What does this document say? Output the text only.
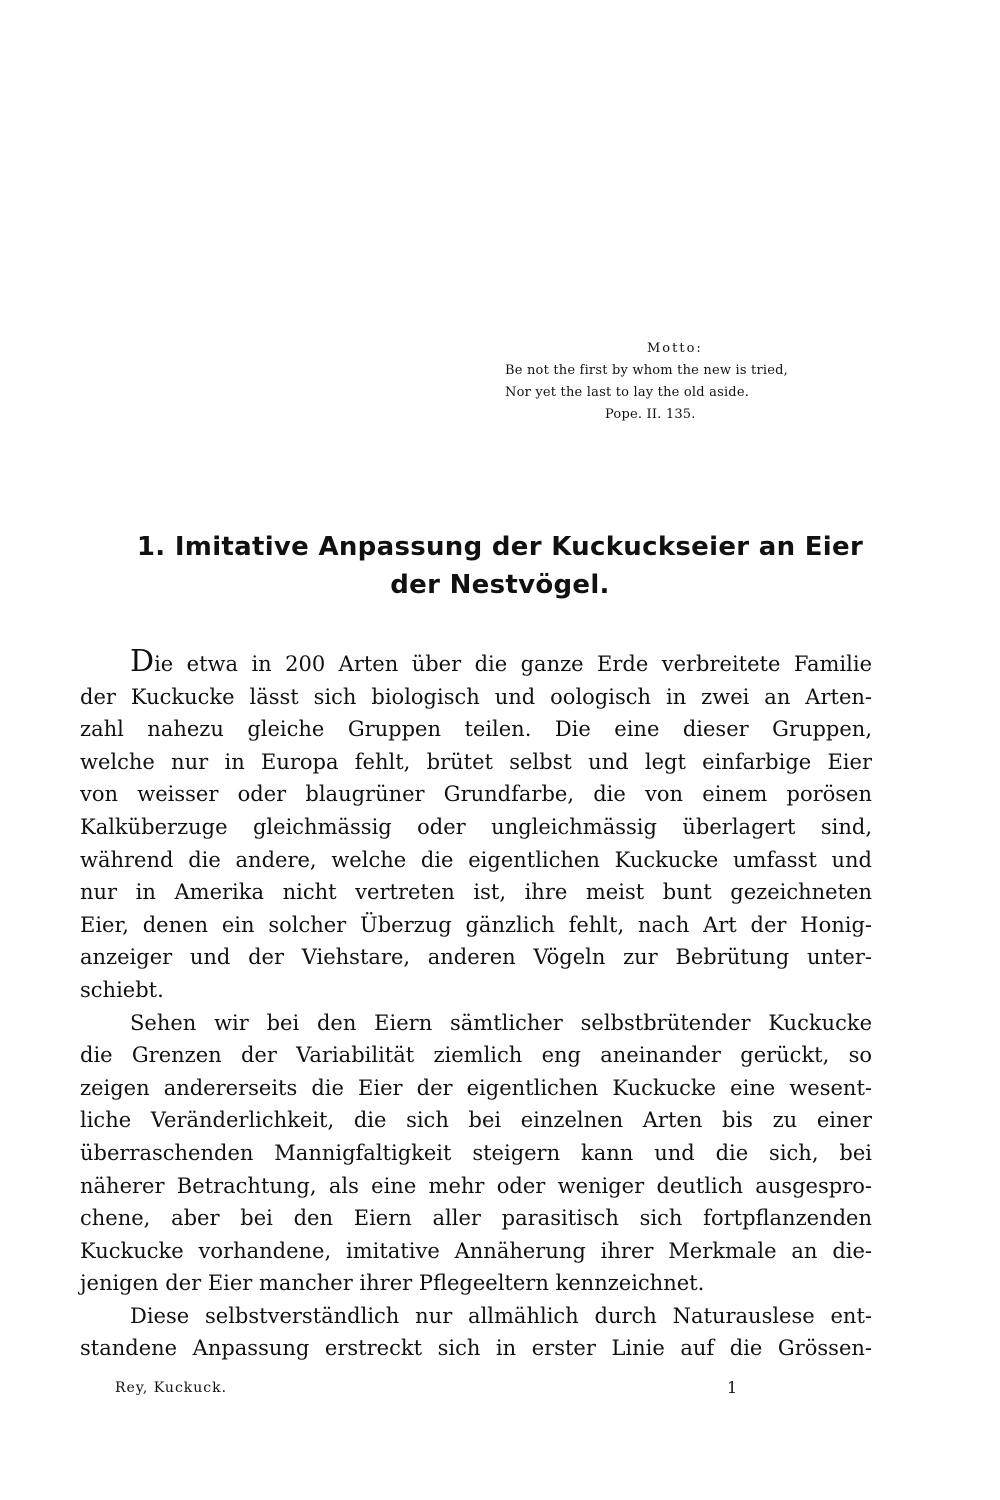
Motto:
Be not the first by whom the new is tried,
Nor yet the last to lay the old aside.
Pope. II. 135.
1. Imitative Anpassung der Kuckuckseier an Eier
der Nestvögel.
Die etwa in 200 Arten über die ganze Erde verbreitete Familie
der Kuckucke lässt sich biologisch und oologisch in zwei an Arten-
zahl nahezu gleiche Gruppen teilen. Die eine dieser Gruppen,
welche nur in Europa fehlt, brütet selbst und legt einfarbige Eier
von weisser oder blaugrüner Grundfarbe, die von einem porösen
Kalküberzuge gleichmässig oder ungleichmässig überlagert sind,
während die andere, welche die eigentlichen Kuckucke umfasst und
nur in Amerika nicht vertreten ist, ihre meist bunt gezeichneten
Eier, denen ein solcher Überzug gänzlich fehlt, nach Art der Honig-
anzeiger und der Viehstare, anderen Vögeln zur Bebrütung unter-
schiebt.
Sehen wir bei den Eiern sämtlicher selbstbrütender Kuckucke
die Grenzen der Variabilität ziemlich eng aneinander gerückt, so
zeigen andererseits die Eier der eigentlichen Kuckucke eine wesent-
liche Veränderlichkeit, die sich bei einzelnen Arten bis zu einer
überraschenden Mannigfaltigkeit steigern kann und die sich, bei
näherer Betrachtung, als eine mehr oder weniger deutlich ausgespro-
chene, aber bei den Eiern aller parasitisch sich fortpflanzenden
Kuckucke vorhandene, imitative Annäherung ihrer Merkmale an die-
jenigen der Eier mancher ihrer Pflegeeltern kennzeichnet.
Diese selbstverständlich nur allmählich durch Naturauslese ent-
standene Anpassung erstreckt sich in erster Linie auf die Grössen-
Rey, Kuckuck.	1
